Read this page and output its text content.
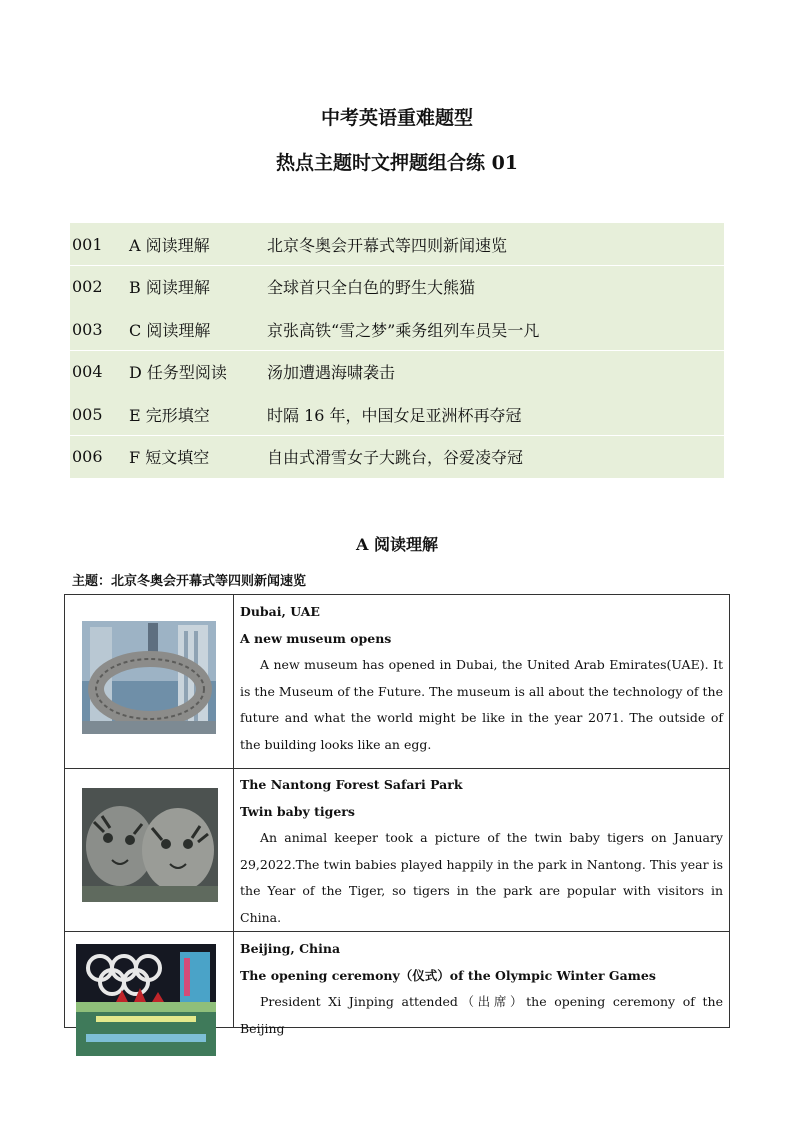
中考英语重难题型
热点主题时文押题组合练 01
001	A 阅读理解	北京冬奥会开幕式等四则新闻速览
002	B 阅读理解	全球首只全白色的野生大熊猫
003	C 阅读理解	京张高铁“雪之梦”乘务组列车员吴一凡
004	D 任务型阅读	汤加遭遇海啸袭击
005	E 完形填空	时隔 16 年，中国女足亚洲杯再夺冠
006	F 短文填空	自由式滑雪女子大跳台，谷爱凌夺冠
A 阅读理解
主题：北京冬奥会开幕式等四则新闻速览
Dubai, UAE
A new museum opens
A new museum has opened in Dubai, the United Arab Emirates(UAE). It is the Museum of the Future. The museum is all about the technology of the future and what the world might be like in the year 2071. The outside of the building looks like an egg.
The Nantong Forest Safari Park
Twin baby tigers
An animal keeper took a picture of the twin baby tigers on January 29,2022.The twin babies played happily in the park in Nantong. This year is the Year of the Tiger, so tigers in the park are popular with visitors in China.
Beijing, China
The opening ceremony（仪式）of the Olympic Winter Games
President Xi Jinping attended（出席）the opening ceremony of the Beijing
